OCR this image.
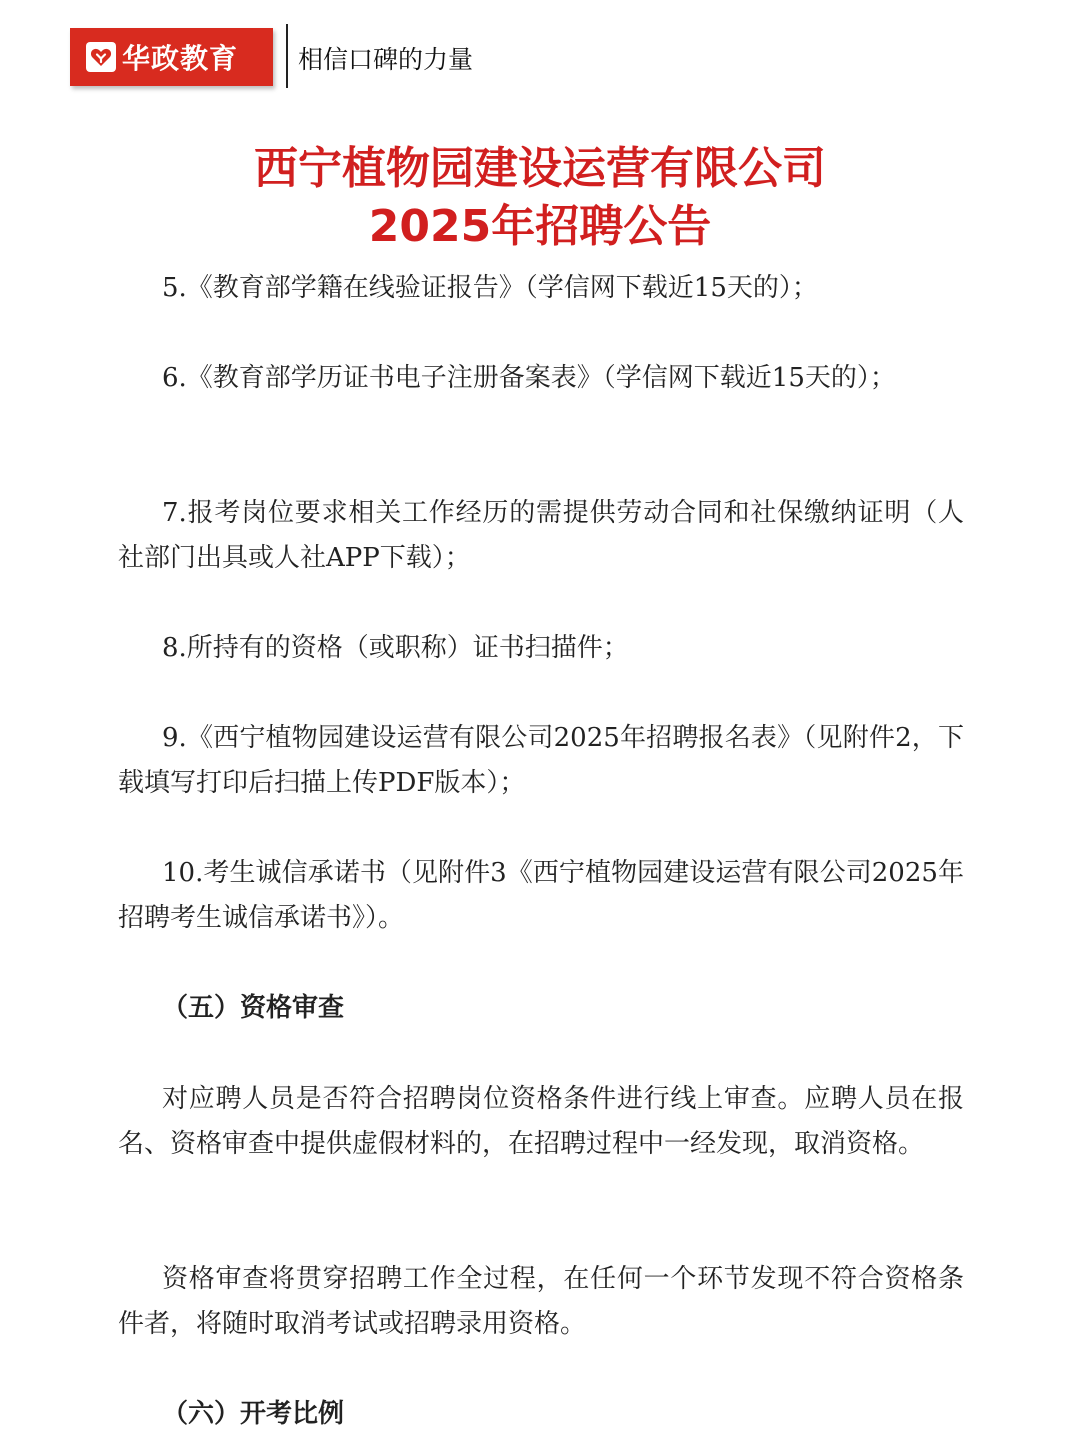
华政教育 相信口碑的力量
西宁植物园建设运营有限公司
2025年招聘公告

5.《教育部学籍在线验证报告》（学信网下载近15天的）；

6.《教育部学历证书电子注册备案表》（学信网下载近15天的）；

7.报考岗位要求相关工作经历的需提供劳动合同和社保缴纳证明（人社部门出具或人社APP下载）；

8.所持有的资格（或职称）证书扫描件；

9.《西宁植物园建设运营有限公司2025年招聘报名表》（见附件2，下载填写打印后扫描上传PDF版本）；

10.考生诚信承诺书（见附件3《西宁植物园建设运营有限公司2025年招聘考生诚信承诺书》）。

（五）资格审查

对应聘人员是否符合招聘岗位资格条件进行线上审查。应聘人员在报名、资格审查中提供虚假材料的，在招聘过程中一经发现，取消资格。

资格审查将贯穿招聘工作全过程，在任何一个环节发现不符合资格条件者，将随时取消考试或招聘录用资格。

（六）开考比例
